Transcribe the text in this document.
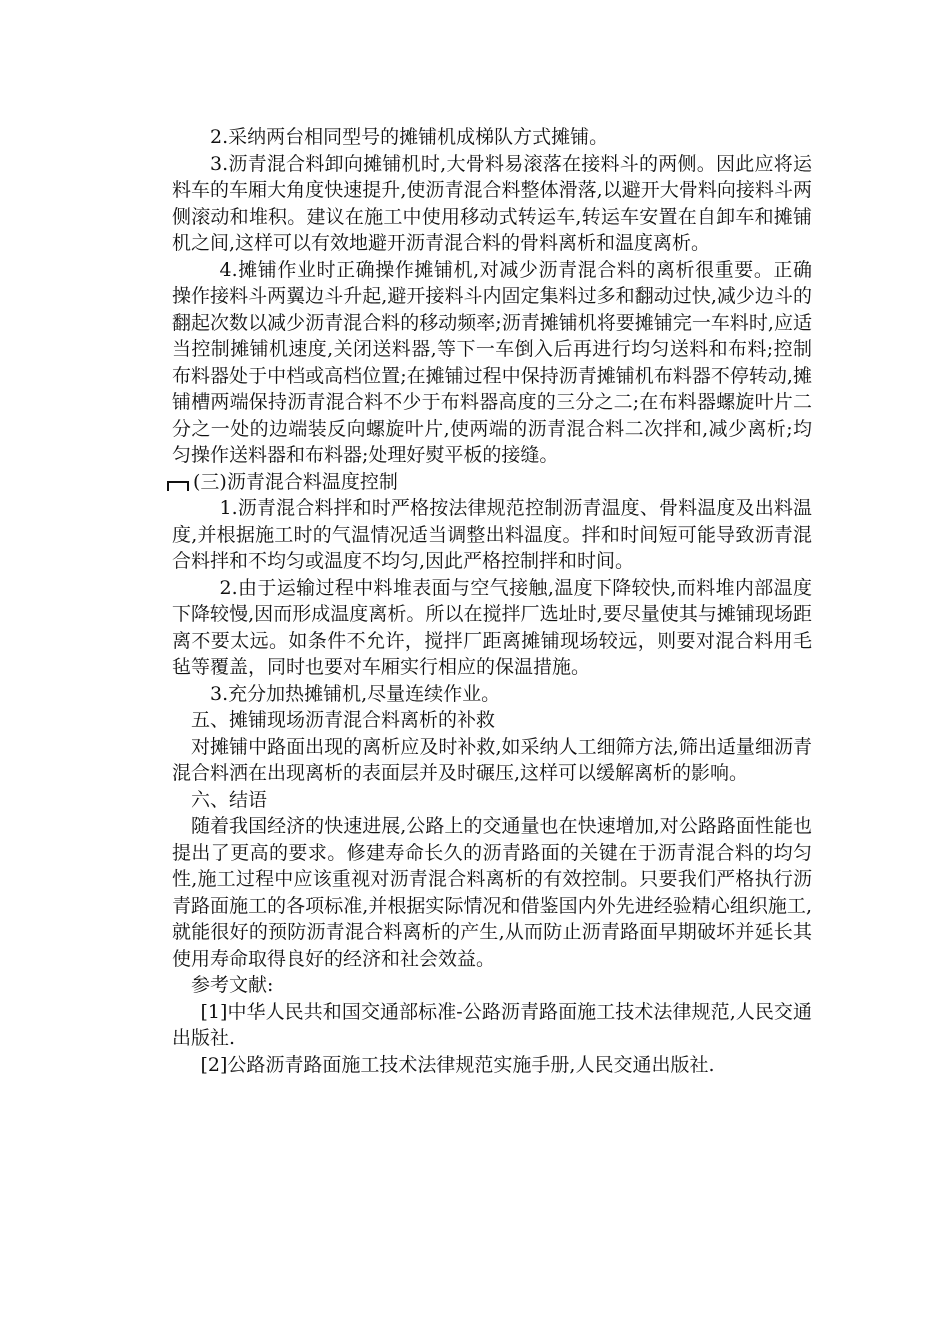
2.采纳两台相同型号的摊铺机成梯队方式摊铺。

3.沥青混合料卸向摊铺机时,大骨料易滚落在接料斗的两侧。因此应将运料车的车厢大角度快速提升,使沥青混合料整体滑落,以避开大骨料向接料斗两侧滚动和堆积。建议在施工中使用移动式转运车,转运车安置在自卸车和摊铺机之间,这样可以有效地避开沥青混合料的骨料离析和温度离析。

4.摊铺作业时正确操作摊铺机,对减少沥青混合料的离析很重要。正确操作接料斗两翼边斗升起,避开接料斗内固定集料过多和翻动过快,减少边斗的翻起次数以减少沥青混合料的移动频率;沥青摊铺机将要摊铺完一车料时,应适当控制摊铺机速度,关闭送料器,等下一车倒入后再进行均匀送料和布料;控制布料器处于中档或高档位置;在摊铺过程中保持沥青摊铺机布料器不停转动,摊铺槽两端保持沥青混合料不少于布料器高度的三分之二;在布料器螺旋叶片二分之一处的边端装反向螺旋叶片,使两端的沥青混合料二次拌和,减少离析;均匀操作送料器和布料器;处理好熨平板的接缝。

(三)沥青混合料温度控制

1.沥青混合料拌和时严格按法律规范控制沥青温度、骨料温度及出料温度,并根据施工时的气温情况适当调整出料温度。拌和时间短可能导致沥青混合料拌和不均匀或温度不均匀,因此严格控制拌和时间。

2.由于运输过程中料堆表面与空气接触,温度下降较快,而料堆内部温度下降较慢,因而形成温度离析。所以在搅拌厂选址时,要尽量使其与摊铺现场距离不要太远。如条件不允许，搅拌厂距离摊铺现场较远，则要对混合料用毛毡等覆盖，同时也要对车厢实行相应的保温措施。

3.充分加热摊铺机,尽量连续作业。

五、摊铺现场沥青混合料离析的补救

对摊铺中路面出现的离析应及时补救,如采纳人工细筛方法,筛出适量细沥青混合料洒在出现离析的表面层并及时碾压,这样可以缓解离析的影响。

六、结语

随着我国经济的快速进展,公路上的交通量也在快速增加,对公路路面性能也提出了更高的要求。修建寿命长久的沥青路面的关键在于沥青混合料的均匀性,施工过程中应该重视对沥青混合料离析的有效控制。只要我们严格执行沥青路面施工的各项标准,并根据实际情况和借鉴国内外先进经验精心组织施工,就能很好的预防沥青混合料离析的产生,从而防止沥青路面早期破坏并延长其使用寿命取得良好的经济和社会效益。

参考文献:

[1]中华人民共和国交通部标准-公路沥青路面施工技术法律规范,人民交通出版社.

[2]公路沥青路面施工技术法律规范实施手册,人民交通出版社.
